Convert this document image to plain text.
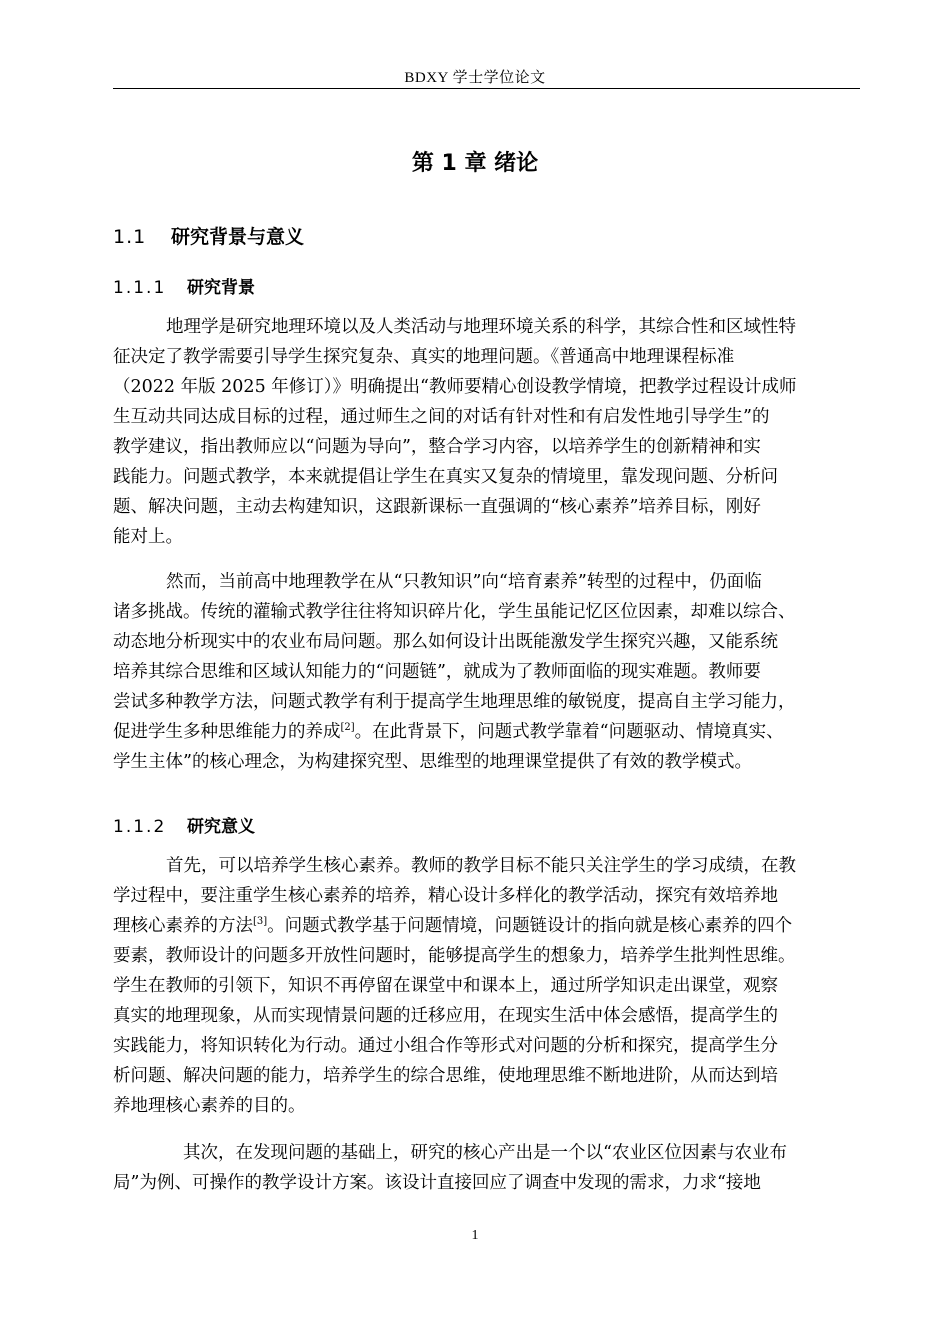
BDXY 学士学位论文
第 1 章 绪论
1.1 研究背景与意义
1.1.1 研究背景
地理学是研究地理环境以及人类活动与地理环境关系的科学，其综合性和区域性特
征决定了教学需要引导学生探究复杂、真实的地理问题。《普通高中地理课程标准
（2022 年版 2025 年修订）》明确提出“教师要精心创设教学情境，把教学过程设计成师
生互动共同达成目标的过程，通过师生之间的对话有针对性和有启发性地引导学生”的
教学建议，指出教师应以“问题为导向”，整合学习内容，以培养学生的创新精神和实
践能力。问题式教学，本来就提倡让学生在真实又复杂的情境里，靠发现问题、分析问
题、解决问题，主动去构建知识，这跟新课标一直强调的“核心素养”培养目标，刚好
能对上。
然而，当前高中地理教学在从“只教知识”向“培育素养”转型的过程中，仍面临
诸多挑战。传统的灌输式教学往往将知识碎片化，学生虽能记忆区位因素，却难以综合、
动态地分析现实中的农业布局问题。那么如何设计出既能激发学生探究兴趣，又能系统
培养其综合思维和区域认知能力的“问题链”，就成为了教师面临的现实难题。教师要
尝试多种教学方法，问题式教学有利于提高学生地理思维的敏锐度，提高自主学习能力，
促进学生多种思维能力的养成[2]。在此背景下，问题式教学靠着“问题驱动、情境真实、
学生主体”的核心理念，为构建探究型、思维型的地理课堂提供了有效的教学模式。
1.1.2 研究意义
首先，可以培养学生核心素养。教师的教学目标不能只关注学生的学习成绩，在教
学过程中，要注重学生核心素养的培养，精心设计多样化的教学活动，探究有效培养地
理核心素养的方法[3]。问题式教学基于问题情境，问题链设计的指向就是核心素养的四个
要素，教师设计的问题多开放性问题时，能够提高学生的想象力，培养学生批判性思维。
学生在教师的引领下，知识不再停留在课堂中和课本上，通过所学知识走出课堂，观察
真实的地理现象，从而实现情景问题的迁移应用，在现实生活中体会感悟，提高学生的
实践能力，将知识转化为行动。通过小组合作等形式对问题的分析和探究，提高学生分
析问题、解决问题的能力，培养学生的综合思维，使地理思维不断地进阶，从而达到培
养地理核心素养的目的。
其次，在发现问题的基础上，研究的核心产出是一个以“农业区位因素与农业布
局”为例、可操作的教学设计方案。该设计直接回应了调查中发现的需求，力求“接地
1
